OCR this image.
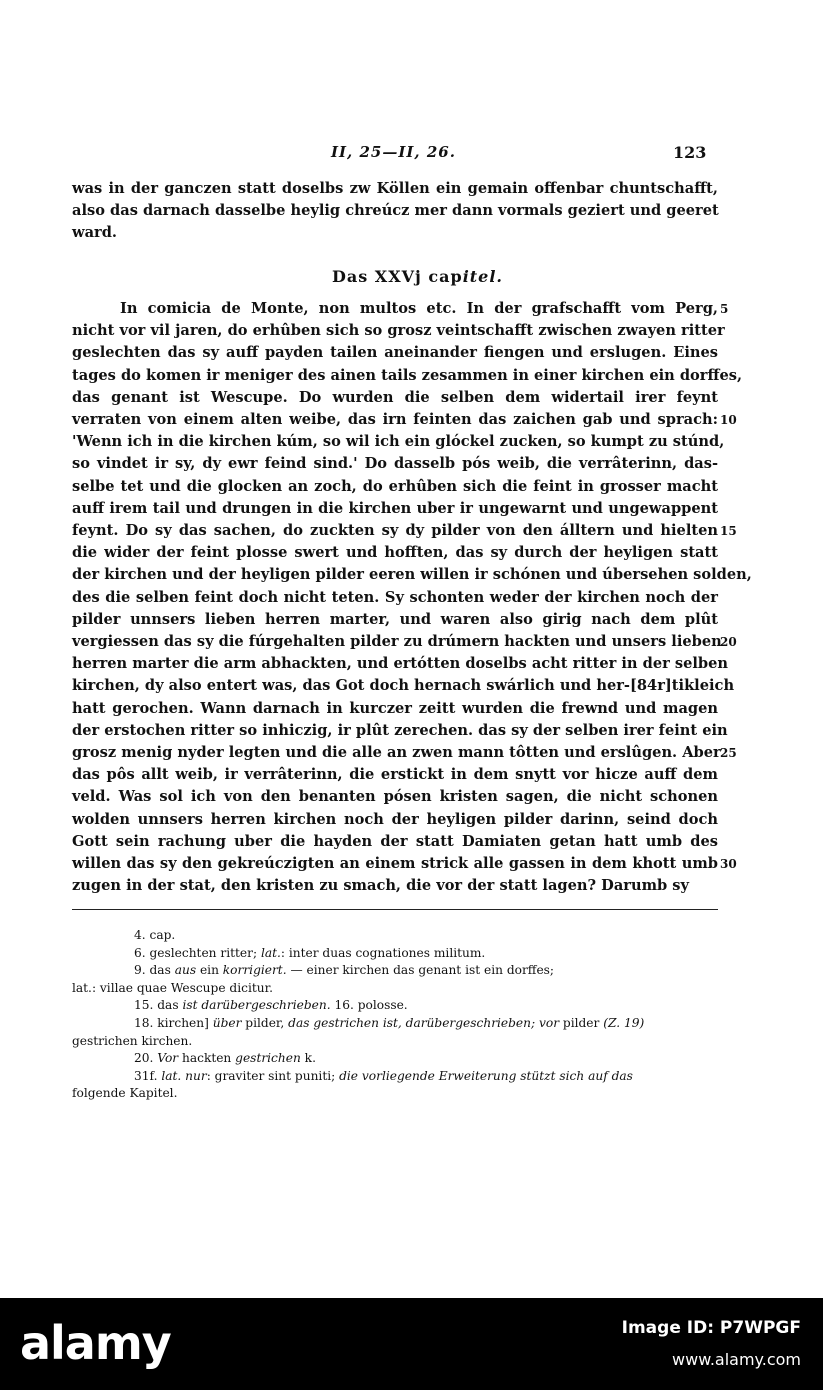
II, 25—II, 26.	123
was in der ganczen statt doselbs zw Köllen ein gemain offenbar chuntschafft,
also das darnach dasselbe heylig chreúcz mer dann vormals geziert und geeret
ward.
Das XXVj capitel.
In comicia de Monte, non multos etc. In der grafschafft vom Perg,
nicht vor vil jaren, do erhûben sich so grosz veintschafft zwischen zwayen ritter
geslechten das sy auff payden tailen aneinander fiengen und erslugen. Eines
tages do komen ir meniger des ainen tails zesammen in einer kirchen ein dorffes,
das genant ist Wescupe. Do wurden die selben dem widertail irer feynt
verraten von einem alten weibe, das irn feinten das zaichen gab und sprach:
'Wenn ich in die kirchen kúm, so wil ich ein glóckel zucken, so kumpt zu stúnd,
so vindet ir sy, dy ewr feind sind.' Do dasselb pós weib, die verrâterinn, das-
selbe tet und die glocken an zoch, do erhûben sich die feint in grosser macht
auff irem tail und drungen in die kirchen uber ir ungewarnt und ungewappent
feynt. Do sy das sachen, do zuckten sy dy pilder von den álltern und hielten
die wider der feint plosse swert und hofften, das sy durch der heyligen statt
der kirchen und der heyligen pilder eeren willen ir schónen und úbersehen solden,
des die selben feint doch nicht teten. Sy schonten weder der kirchen noch der
pilder unnsers lieben herren marter, und waren also girig nach dem plût
vergiessen das sy die fúrgehalten pilder zu drúmern hackten und unsers lieben
herren marter die arm abhackten, und ertótten doselbs acht ritter in der selben
kirchen, dy also entert was, das Got doch hernach swárlich und her-[84r]tikleich
hatt gerochen. Wann darnach in kurczer zeitt wurden die frewnd und magen
der erstochen ritter so inhiczig, ir plût zerechen. das sy der selben irer feint ein
grosz menig nyder legten und die alle an zwen mann tôtten und erslûgen. Aber
das pôs allt weib, ir verrâterinn, die erstickt in dem snytt vor hicze auff dem
veld. Was sol ich von den benanten pósen kristen sagen, die nicht schonen
wolden unnsers herren kirchen noch der heyligen pilder darinn, seind doch
Gott sein rachung uber die hayden der statt Damiaten getan hatt umb des
willen das sy den gekreúczigten an einem strick alle gassen in dem khott umb
zugen in der stat, den kristen zu smach, die vor der statt lagen? Darumb sy
5
10
15
20
25
30
4. cap.
6. geslechten ritter; lat.: inter duas cognationes militum.
9. das aus ein korrigiert. — einer kirchen das genant ist ein dorffes;
lat.: villae quae Wescupe dicitur.
15. das ist darübergeschrieben. 16. polosse.
18. kirchen] über pilder, das gestrichen ist, darübergeschrieben; vor pilder (Z. 19)
gestrichen kirchen.
20. Vor hackten gestrichen k.
31f. lat. nur: graviter sint puniti; die vorliegende Erweiterung stützt sich auf das
folgende Kapitel.
alamy	Image ID: P7WPGF
www.alamy.com
